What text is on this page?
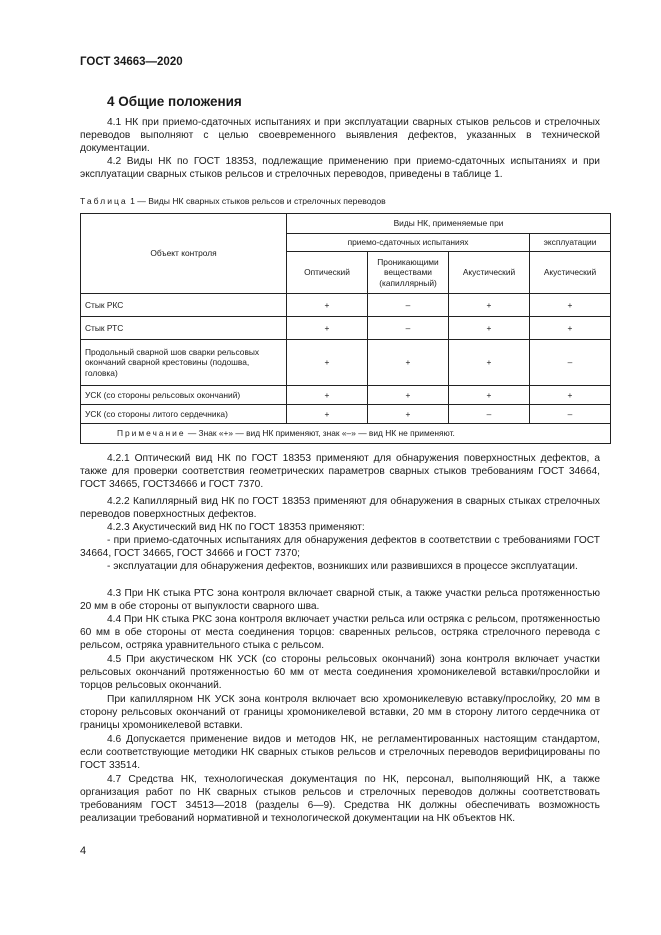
ГОСТ 34663—2020
4 Общие положения

4.1 НК при приемо-сдаточных испытаниях и при эксплуатации сварных стыков рельсов и стрелочных переводов выполняют с целью своевременного выявления дефектов, указанных в технической документации.

4.2 Виды НК по ГОСТ 18353, подлежащие применению при приемо-сдаточных испытаниях и при эксплуатации сварных стыков рельсов и стрелочных переводов, приведены в таблице 1.

Таблица 1 — Виды НК сварных стыков рельсов и стрелочных переводов
Объект контроля	Виды НК, применяемые при			
	приемо-сдаточных испытаниях			эксплуатации
	Оптический	Проникающими веществами (капиллярный)	Акустический	Акустический
Стык РКС	+	–	+	+
Стык РТС	+	–	+	+
Продольный сварной шов сварки рельсовых окончаний сварной крестовины (подошва, головка)	+	+	+	–
УСК (со стороны рельсовых окончаний)	+	+	+	+
УСК (со стороны литого сердечника)	+	+	–	–
Примечание — Знак «+» — вид НК применяют, знак «–» — вид НК не применяют.				

4.2.1 Оптический вид НК по ГОСТ 18353 применяют для обнаружения поверхностных дефектов, а также для проверки соответствия геометрических параметров сварных стыков требованиям ГОСТ 34664, ГОСТ 34665, ГОСТ34666 и ГОСТ 7370.

4.2.2 Капиллярный вид НК по ГОСТ 18353 применяют для обнаружения в сварных стыках стрелочных переводов поверхностных дефектов.

4.2.3 Акустический вид НК по ГОСТ 18353 применяют:

- при приемо-сдаточных испытаниях для обнаружения дефектов в соответствии с требованиями ГОСТ 34664, ГОСТ 34665, ГОСТ 34666 и ГОСТ 7370;

- эксплуатации для обнаружения дефектов, возникших или развившихся в процессе эксплуатации.

4.3 При НК стыка РТС зона контроля включает сварной стык, а также участки рельса протяженностью 20 мм в обе стороны от выпуклости сварного шва.

4.4 При НК стыка РКС зона контроля включает участки рельса или остряка с рельсом, протяженностью 60 мм в обе стороны от места соединения торцов: сваренных рельсов, остряка стрелочного перевода с рельсом, остряка уравнительного стыка с рельсом.

4.5 При акустическом НК УСК (со стороны рельсовых окончаний) зона контроля включает участки рельсовых окончаний протяженностью 60 мм от места соединения хромоникелевой вставки/прослойки и торцов рельсовых окончаний.

При капиллярном НК УСК зона контроля включает всю хромоникелевую вставку/прослойку, 20 мм в сторону рельсовых окончаний от границы хромоникелевой вставки, 20 мм в сторону литого сердечника от границы хромоникелевой вставки.

4.6 Допускается применение видов и методов НК, не регламентированных настоящим стандартом, если соответствующие методики НК сварных стыков рельсов и стрелочных переводов верифицированы по ГОСТ 33514.

4.7 Средства НК, технологическая документация по НК, персонал, выполняющий НК, а также организация работ по НК сварных стыков рельсов и стрелочных переводов должны соответствовать требованиям ГОСТ 34513—2018 (разделы 6—9). Средства НК должны обеспечивать возможность реализации требований нормативной и технологической документации на НК объектов НК.

4
